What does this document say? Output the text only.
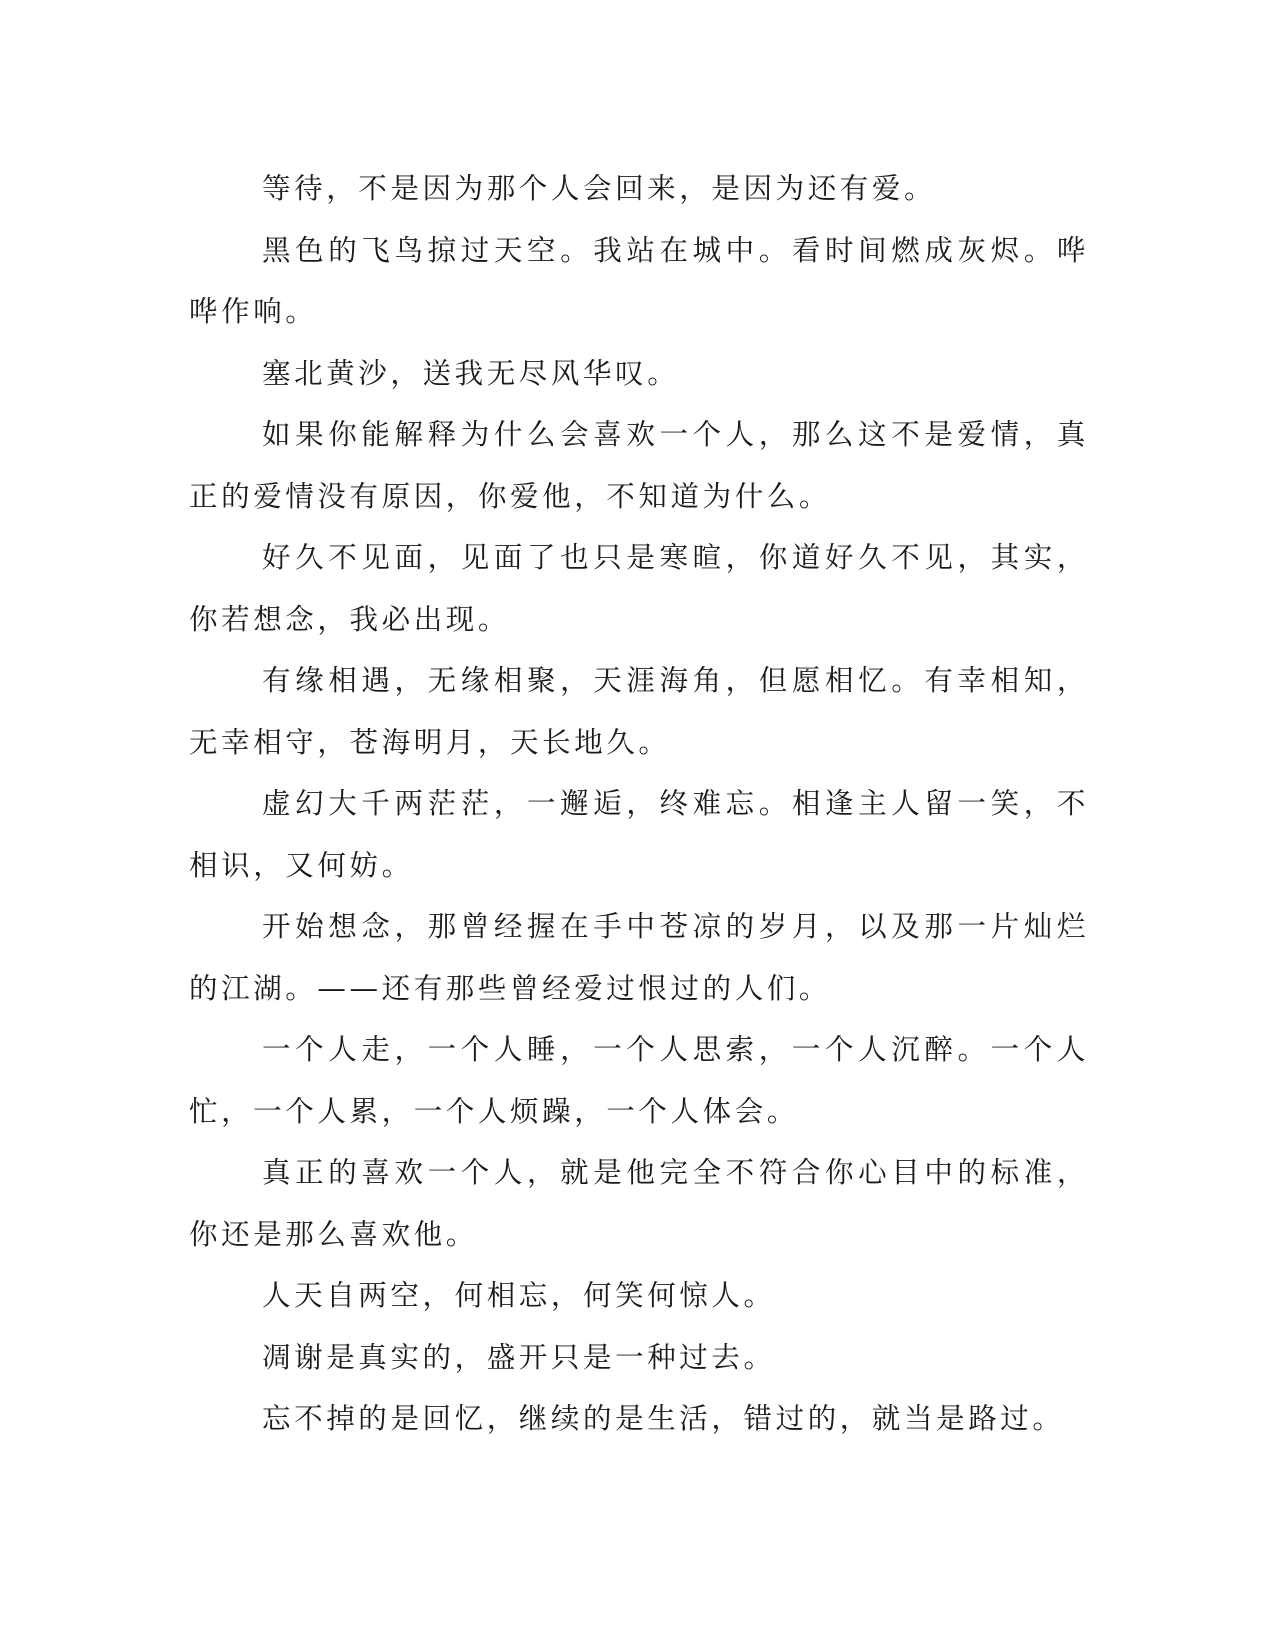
等待，不是因为那个人会回来，是因为还有爱。

黑色的飞鸟掠过天空。我站在城中。看时间燃成灰烬。哗哗作响。

塞北黄沙，送我无尽风华叹。

如果你能解释为什么会喜欢一个人，那么这不是爱情，真正的爱情没有原因，你爱他，不知道为什么。

好久不见面，见面了也只是寒暄，你道好久不见，其实，你若想念，我必出现。

有缘相遇，无缘相聚，天涯海角，但愿相忆。有幸相知，无幸相守，苍海明月，天长地久。

虚幻大千两茫茫，一邂逅，终难忘。相逢主人留一笑，不相识，又何妨。

开始想念，那曾经握在手中苍凉的岁月，以及那一片灿烂的江湖。——还有那些曾经爱过恨过的人们。

一个人走，一个人睡，一个人思索，一个人沉醉。一个人忙，一个人累，一个人烦躁，一个人体会。

真正的喜欢一个人，就是他完全不符合你心目中的标准，你还是那么喜欢他。

人天自两空，何相忘，何笑何惊人。

凋谢是真实的，盛开只是一种过去。

忘不掉的是回忆，继续的是生活，错过的，就当是路过。
